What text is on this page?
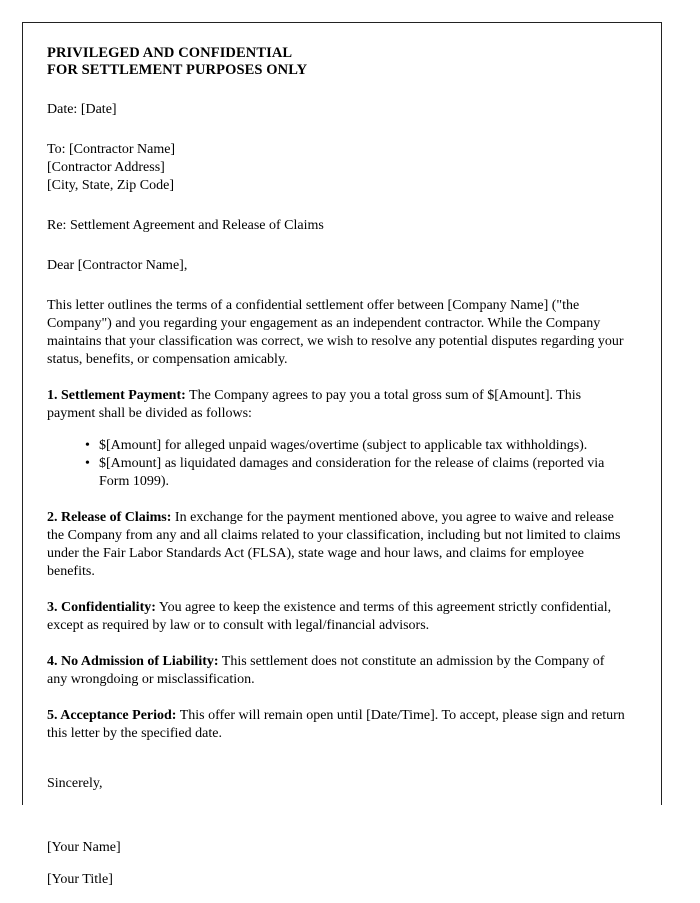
PRIVILEGED AND CONFIDENTIAL
FOR SETTLEMENT PURPOSES ONLY

Date: [Date]

To: [Contractor Name]
[Contractor Address]
[City, State, Zip Code]

Re: Settlement Agreement and Release of Claims

Dear [Contractor Name],

This letter outlines the terms of a confidential settlement offer between [Company Name] ("the Company") and you regarding your engagement as an independent contractor. While the Company maintains that your classification was correct, we wish to resolve any potential disputes regarding your status, benefits, or compensation amicably.

1. Settlement Payment: The Company agrees to pay you a total gross sum of $[Amount]. This payment shall be divided as follows:

• $[Amount] for alleged unpaid wages/overtime (subject to applicable tax withholdings).
• $[Amount] as liquidated damages and consideration for the release of claims (reported via Form 1099).

2. Release of Claims: In exchange for the payment mentioned above, you agree to waive and release the Company from any and all claims related to your classification, including but not limited to claims under the Fair Labor Standards Act (FLSA), state wage and hour laws, and claims for employee benefits.

3. Confidentiality: You agree to keep the existence and terms of this agreement strictly confidential, except as required by law or to consult with legal/financial advisors.

4. No Admission of Liability: This settlement does not constitute an admission by the Company of any wrongdoing or misclassification.

5. Acceptance Period: This offer will remain open until [Date/Time]. To accept, please sign and return this letter by the specified date.

Sincerely,

[Your Name]

[Your Title]
